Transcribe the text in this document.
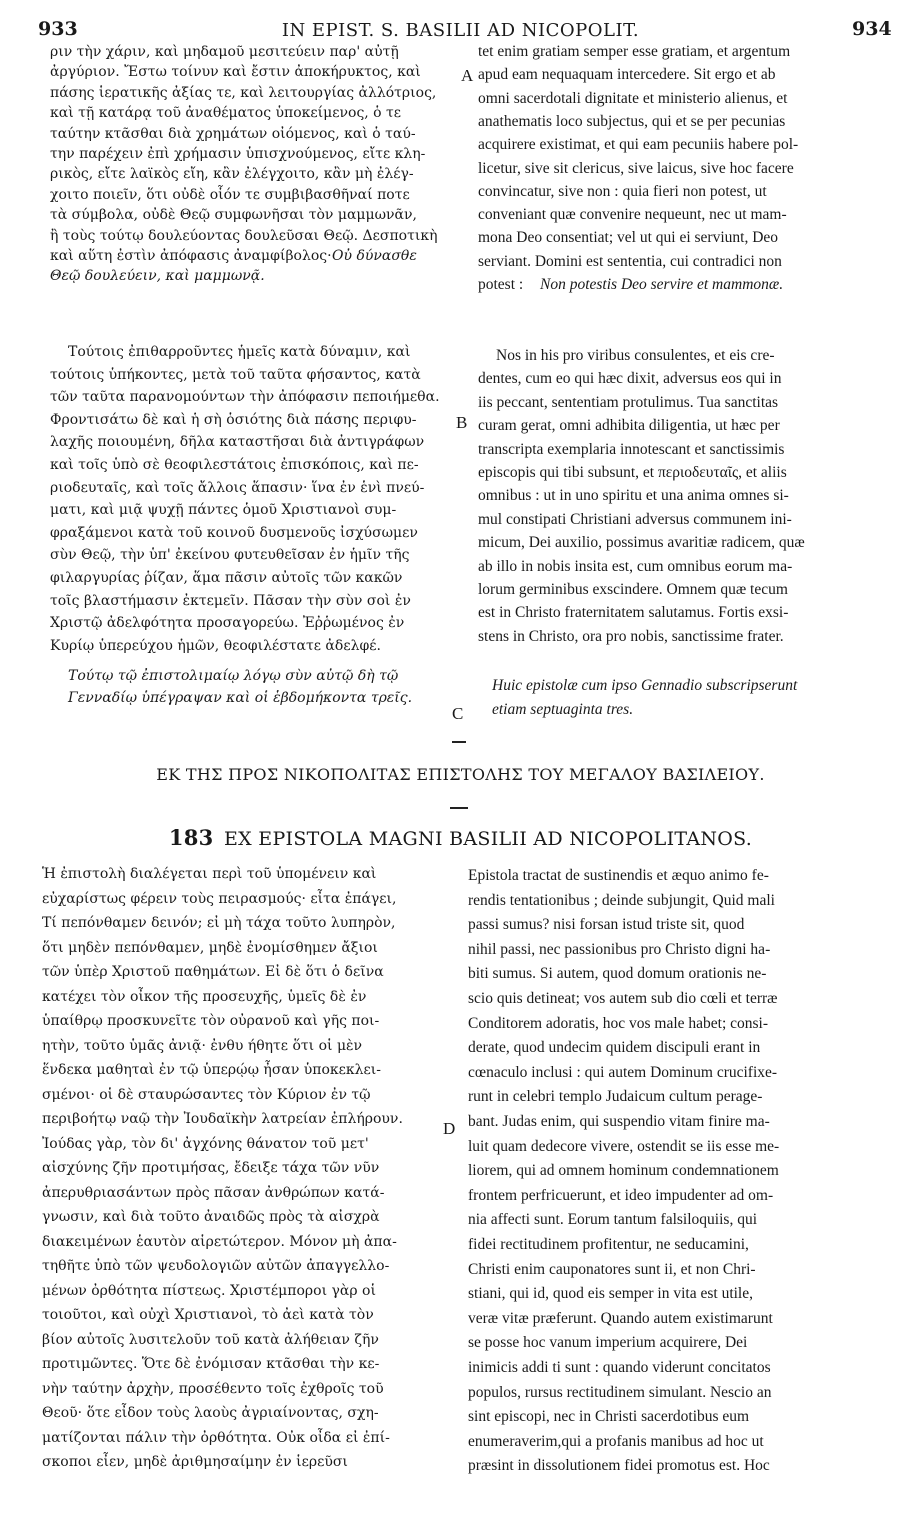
933	IN EPIST. S. BASILII AD NICOPOLIT.	934
ριν τὴν χάριν, καὶ μηδαμοῦ μεσιτεύειν παρ' αὐτῇ
ἀργύριον. Ἔστω τοίνυν καὶ ἔστιν ἀποκήρυκτος, καὶ
πάσης ἱερατικῆς ἀξίας τε, καὶ λειτουργίας ἀλλότριος,
καὶ τῇ κατάρᾳ τοῦ ἀναθέματος ὑποκείμενος, ὁ τε
ταύτην κτᾶσθαι διὰ χρημάτων οἰόμενος, καὶ ὁ ταύ-
την παρέχειν ἐπὶ χρήμασιν ὑπισχνούμενος, εἴτε κλη-
ρικὸς, εἴτε λαϊκὸς εἴη, κἂν ἐλέγχοιτο, κἂν μὴ ἐλέγ-
χοιτο ποιεῖν, ὅτι οὐδὲ οἷόν τε συμβιβασθῆναί ποτε
τὰ σύμβολα, οὐδὲ Θεῷ συμφωνῆσαι τὸν μαμμωνᾶν,
ἢ τοὺς τούτῳ δουλεύοντας δουλεῦσαι Θεῷ. Δεσποτικὴ
καὶ αὕτη ἐστὶν ἀπόφασις ἀναμφίβολος· Οὐ δύνασθε
Θεῷ δουλεύειν, καὶ μαμμωνᾷ.
Τούτοις ἐπιθαρροῦντες ἡμεῖς κατὰ δύναμιν, καὶ
τούτοις ὑπήκοντες, μετὰ τοῦ ταῦτα φήσαντος, κατὰ
τῶν ταῦτα παρανομούντων τὴν ἀπόφασιν πεποιήμεθα.
Φροντισάτω δὲ καὶ ἡ σὴ ὁσιότης διὰ πάσης περιφυ-
λαχῆς ποιουμένη, δῆλα καταστῆσαι διὰ ἀντιγράφων
καὶ τοῖς ὑπὸ σὲ θεοφιλεστάτοις ἐπισκόποις, καὶ πε-
ριοδευταῖς, καὶ τοῖς ἄλλοις ἅπασιν· ἵνα ἐν ἑνὶ πνεύ-
ματι, καὶ μιᾷ ψυχῇ πάντες ὁμοῦ Χριστιανοὶ συμ-
φραξάμενοι κατὰ τοῦ κοινοῦ δυσμενοῦς ἰσχύσωμεν
σὺν Θεῷ, τὴν ὑπ' ἐκείνου φυτευθεῖσαν ἐν ἡμῖν τῆς
φιλαργυρίας ῥίζαν, ἅμα πᾶσιν αὐτοῖς τῶν κακῶν
τοῖς βλαστήμασιν ἐκτεμεῖν. Πᾶσαν τὴν σὺν σοὶ ἐν
Χριστῷ ἀδελφότητα προσαγορεύω. Ἐῤῥωμένος ἐν
Κυρίῳ ὑπερεύχου ἡμῶν, θεοφιλέστατε ἀδελφέ.
Τούτῳ τῷ ἐπιστολιμαίῳ λόγῳ σὺν αὐτῷ δὴ τῷ
Γενναδίῳ ὑπέγραψαν καὶ οἱ ἑβδομήκοντα τρεῖς.
tet enim gratiam semper esse gratiam, et argentum
apud eam nequaquam intercedere. Sit ergo et ab
omni sacerdotali dignitate et ministerio alienus, et
anathematis loco subjectus, qui et se per pecunias
acquirere existimat, et qui eam pecuniis habere pol-
licetur, sive sit clericus, sive laicus, sive hoc facere
convincatur, sive non : quia fieri non potest, ut
conveniant quæ convenire nequeunt, nec ut mam-
mona Deo consentiat; vel ut qui ei serviunt, Deo
serviant. Domini est sententia, cui contradici non
potest :	Non potestis Deo servire et mammonæ.
Nos in his pro viribus consulentes, et eis cre-
dentes, cum eo qui hæc dixit, adversus eos qui in
iis peccant, sententiam protulimus. Tua sanctitas
curam gerat, omni adhibita diligentia, ut hæc per
transcripta exemplaria innotescant et sanctissimis
episcopis qui tibi subsunt, et περιοδευταῖς, et aliis
omnibus : ut in uno spiritu et una anima omnes si-
mul constipati Christiani adversus communem ini-
micum, Dei auxilio, possimus avaritiæ radicem, quæ
ab illo in nobis insita est, cum omnibus eorum ma-
lorum germinibus exscindere. Omnem quæ tecum
est in Christo fraternitatem salutamus. Fortis exsi-
stens in Christo, ora pro nobis, sanctissime frater.
Huic epistolæ cum ipso Gennadio subscripserunt
etiam septuaginta tres.
A
B
C
D
ΕΚ ΤΗΣ ΠΡΟΣ ΝΙΚΟΠΟΛΙΤΑΣ ΕΠΙΣΤΟΛΗΣ ΤΟΥ ΜΕΓΑΛΟΥ ΒΑΣΙΛΕΙΟΥ.
183 EX EPISTOLA MAGNI BASILII AD NICOPOLITANOS.
Ἡ ἐπιστολὴ διαλέγεται περὶ τοῦ ὑπομένειν καὶ
εὐχαρίστως φέρειν τοὺς πειρασμούς· εἶτα ἐπάγει,
Τί πεπόνθαμεν δεινόν; εἰ μὴ τάχα τοῦτο λυπηρὸν,
ὅτι μηδὲν πεπόνθαμεν, μηδὲ ἐνομίσθημεν ἄξιοι
τῶν ὑπὲρ Χριστοῦ παθημάτων. Εἰ δὲ ὅτι ὁ δεῖνα
κατέχει τὸν οἶκον τῆς προσευχῆς, ὑμεῖς δὲ ἐν
ὑπαίθρῳ προσκυνεῖτε τὸν οὐρανοῦ καὶ γῆς ποι-
ητὴν, τοῦτο ὑμᾶς ἀνιᾷ· ἐνθυ ήθητε ὅτι οἱ μὲν
ἕνδεκα μαθηταὶ ἐν τῷ ὑπερῴῳ ἦσαν ὑποκεκλει-
σμένοι· οἱ δὲ σταυρώσαντες τὸν Κύριον ἐν τῷ
περιβοήτῳ ναῷ τὴν Ἰουδαϊκὴν λατρείαν ἐπλήρουν.
Ἰούδας γὰρ, τὸν δι' ἀγχόνης θάνατον τοῦ μετ'
αἰσχύνης ζῆν προτιμήσας, ἔδειξε τάχα τῶν νῦν
ἀπερυθριασάντων πρὸς πᾶσαν ἀνθρώπων κατά-
γνωσιν, καὶ διὰ τοῦτο ἀναιδῶς πρὸς τὰ αἰσχρὰ
διακειμένων ἑαυτὸν αἱρετώτερον. Μόνον μὴ ἀπα-
τηθῆτε ὑπὸ τῶν ψευδολογιῶν αὐτῶν ἀπαγγελλο-
μένων ὀρθότητα πίστεως. Χριστέμποροι γὰρ οἱ
τοιοῦτοι, καὶ οὐχὶ Χριστιανοὶ, τὸ ἀεὶ κατὰ τὸν
βίον αὐτοῖς λυσιτελοῦν τοῦ κατὰ ἀλήθειαν ζῆν
προτιμῶντες. Ὅτε δὲ ἐνόμισαν κτᾶσθαι τὴν κε-
νὴν ταύτην ἀρχὴν, προσέθεντο τοῖς ἐχθροῖς τοῦ
Θεοῦ· ὅτε εἶδον τοὺς λαοὺς ἀγριαίνοντας, σχη-
ματίζονται πάλιν τὴν ὀρθότητα. Οὐκ οἶδα εἰ ἐπί-
σκοποι εἶεν, μηδὲ ἀριθμησαίμην ἐν ἱερεῦσι
Epistola tractat de sustinendis et æquo animo fe-
rendis tentationibus ; deinde subjungit, Quid mali
passi sumus? nisi forsan istud triste sit, quod
nihil passi, nec passionibus pro Christo digni ha-
biti sumus. Si autem, quod domum orationis ne-
scio quis detineat; vos autem sub dio cœli et terræ
Conditorem adoratis, hoc vos male habet; consi-
derate, quod undecim quidem discipuli erant in
cœnaculo inclusi : qui autem Dominum crucifixe-
runt in celebri templo Judaicum cultum perage-
bant. Judas enim, qui suspendio vitam finire ma-
luit quam dedecore vivere, ostendit se iis esse me-
liorem, qui ad omnem hominum condemnationem
frontem perfricuerunt, et ideo impudenter ad om-
nia affecti sunt. Eorum tantum falsiloquiis, qui
fidei rectitudinem profitentur, ne seducamini,
Christi enim cauponatores sunt ii, et non Chri-
stiani, qui id, quod eis semper in vita est utile,
veræ vitæ præferunt. Quando autem existimarunt
se posse hoc vanum imperium acquirere, Dei
inimicis addi ti sunt : quando viderunt concitatos
populos, rursus rectitudinem simulant. Nescio an
sint episcopi, nec in Christi sacerdotibus eum
enumeraverim,qui a profanis manibus ad hoc ut
præsint in dissolutionem fidei promotus est. Hoc
